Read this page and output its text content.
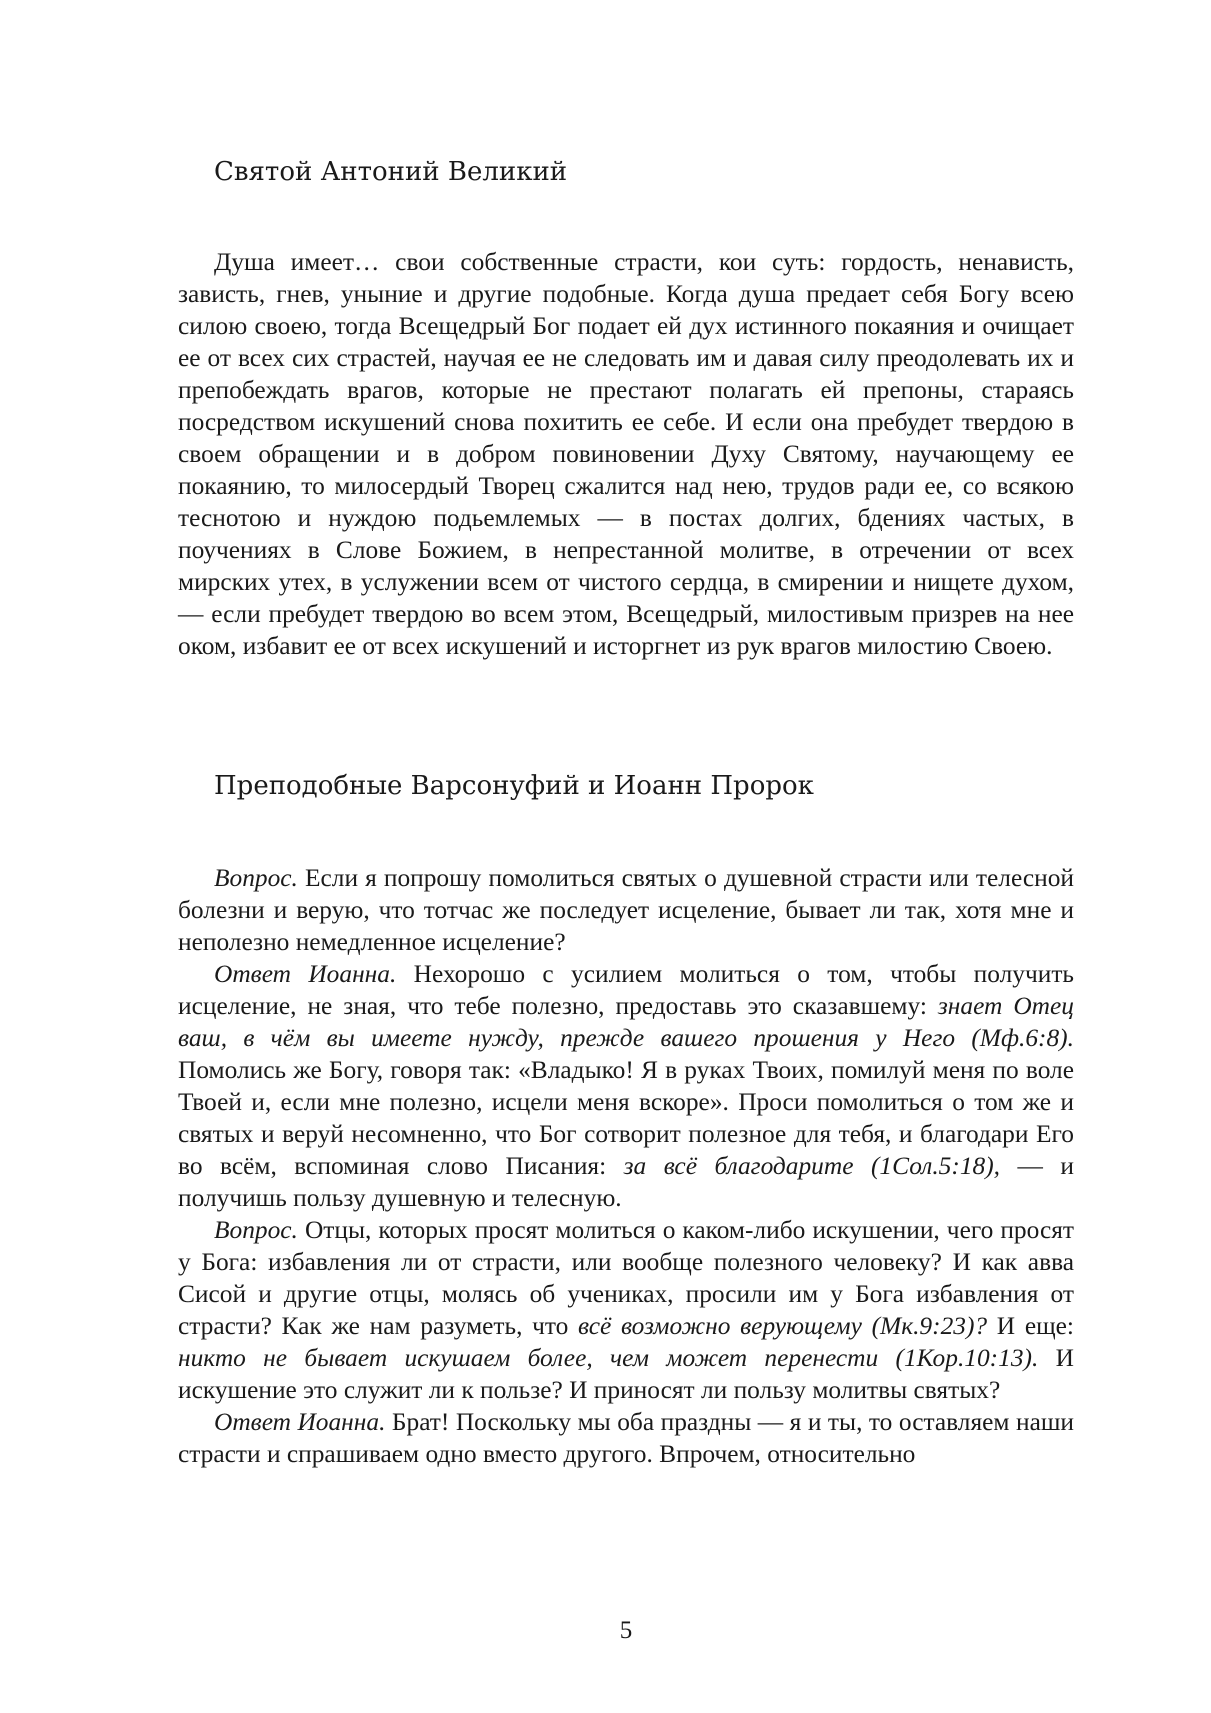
Святой Антоний Великий

Душа имеет… свои собственные страсти, кои суть: гордость, ненависть, зависть, гнев, уныние и другие подобные. Когда душа предает себя Богу всею силою своею, тогда Всещедрый Бог подает ей дух истинного покаяния и очищает ее от всех сих страстей, научая ее не следовать им и давая силу преодолевать их и препобеждать врагов, которые не престают полагать ей препоны, стараясь посредством искушений снова похитить ее себе. И если она пребудет твердою в своем обращении и в добром повиновении Духу Святому, научающему ее покаянию, то милосердый Творец сжалится над нею, трудов ради ее, со всякою теснотою и нуждою подьемлемых — в постах долгих, бдениях частых, в поучениях в Слове Божием, в непрестанной молитве, в отречении от всех мирских утех, в услужении всем от чистого сердца, в смирении и нищете духом, — если пребудет твердою во всем этом, Всещедрый, милостивым призрев на нее оком, избавит ее от всех искушений и исторгнет из рук врагов милостию Своею.

Преподобные Варсонуфий и Иоанн Пророк

Вопрос. Если я попрошу помолиться святых о душевной страсти или телесной болезни и верую, что тотчас же последует исцеление, бывает ли так, хотя мне и неполезно немедленное исцеление?

Ответ Иоанна. Нехорошо с усилием молиться о том, чтобы получить исцеление, не зная, что тебе полезно, предоставь это сказавшему: знает Отец ваш, в чём вы имеете нужду, прежде вашего прошения у Него (Мф.6:8). Помолись же Богу, говоря так: «Владыко! Я в руках Твоих, помилуй меня по воле Твоей и, если мне полезно, исцели меня вскоре». Проси помолиться о том же и святых и веруй несомненно, что Бог сотворит полезное для тебя, и благодари Его во всём, вспоминая слово Писания: за всё благодарите (1Сол.5:18), — и получишь пользу душевную и телесную.

Вопрос. Отцы, которых просят молиться о каком-либо искушении, чего просят у Бога: избавления ли от страсти, или вообще полезного человеку? И как авва Сисой и другие отцы, молясь об учениках, просили им у Бога избавления от страсти? Как же нам разуметь, что всё возможно верующему (Мк.9:23)? И еще: никто не бывает искушаем более, чем может перенести (1Кор.10:13). И искушение это служит ли к пользе? И приносят ли пользу молитвы святых?

Ответ Иоанна. Брат! Поскольку мы оба праздны — я и ты, то оставляем наши страсти и спрашиваем одно вместо другого. Впрочем, относительно

5
